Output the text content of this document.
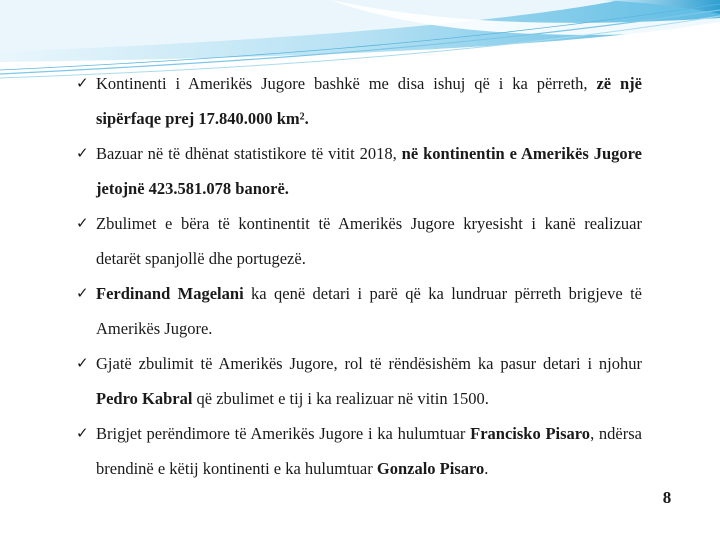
✓ Kontinenti i Amerikës Jugore bashkë me disa ishuj që i ka përreth, zë një sipërfaqe prej 17.840.000 km².
✓ Bazuar në të dhënat statistikore të vitit 2018, në kontinentin e Amerikës Jugore jetojnë 423.581.078 banorë.
✓ Zbulimet e bëra të kontinentit të Amerikës Jugore kryesisht i kanë realizuar detarët spanjollë dhe portugezë.
✓ Ferdinand Magelani ka qenë detari i parë që ka lundruar përreth brigjeve të Amerikës Jugore.
✓ Gjatë zbulimit të Amerikës Jugore, rol të rëndësishëm ka pasur detari i njohur Pedro Kabral që zbulimet e tij i ka realizuar në vitin 1500.
✓ Brigjet perëndimore të Amerikës Jugore i ka hulumtuar Francisko Pisaro, ndërsa brendinë e këtij kontinenti e ka hulumtuar Gonzalo Pisaro.
8
